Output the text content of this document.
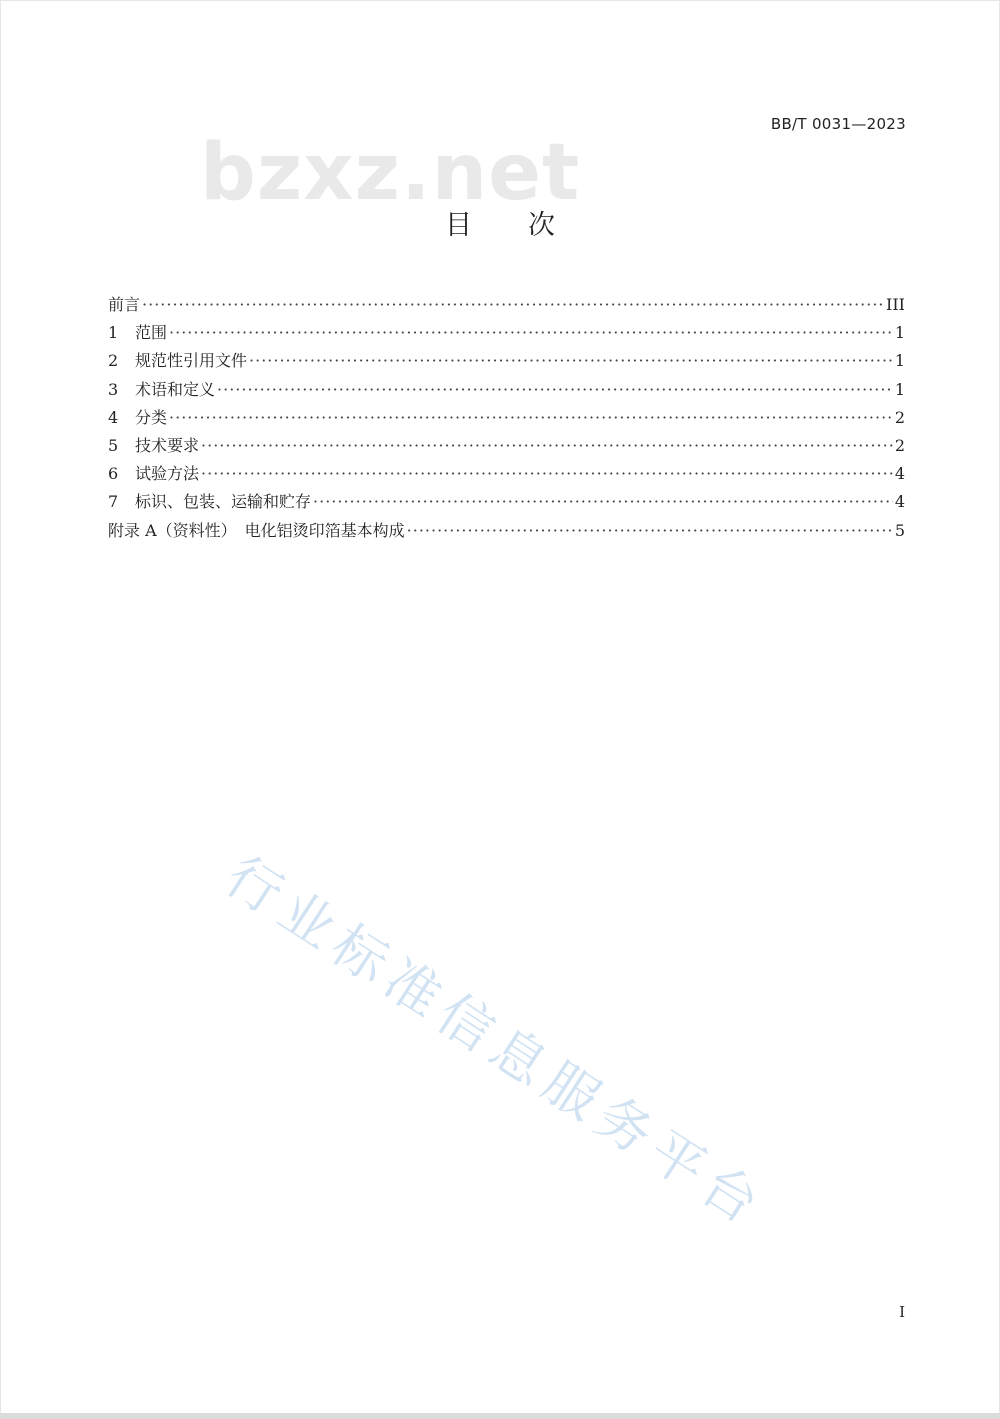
bzxz.net
BB/T 0031—2023
目 次
前言 ·····	III
1	范围 ·····	1
2	规范性引用文件 ·····	1
3	术语和定义 ·····	1
4	分类 ·····	2
5	技术要求 ·····	2
6	试验方法 ·····	4
7	标识、包装、运输和贮存 ·····	4
附录 A（资料性）　电化铝烫印箔基本构成 ·····	5
行业标准信息服务平台
I
